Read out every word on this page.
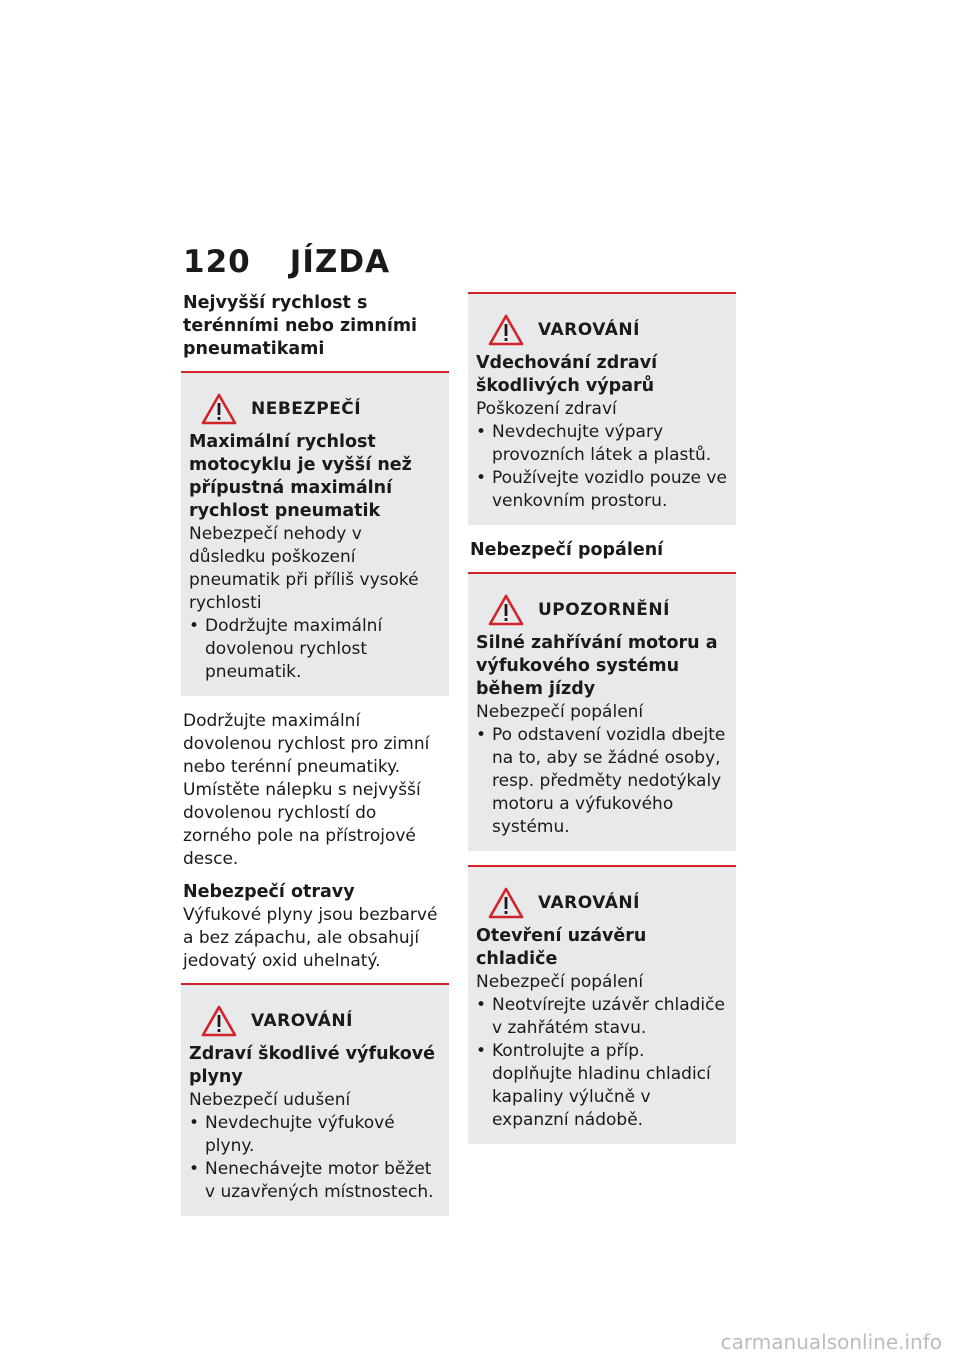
120 JÍZDA
Nejvyšší rychlost s terénními nebo zimními pneumatikami
NEBEZPEČÍ
Maximální rychlost motocyklu je vyšší než přípustná maximální rychlost pneumatik
Nebezpečí nehody v důsledku poškození pneumatik při příliš vysoké rychlosti
• Dodržujte maximální dovolenou rychlost pneumatik.
Dodržujte maximální dovolenou rychlost pro zimní nebo terénní pneumatiky.
Umístěte nálepku s nejvyšší dovolenou rychlostí do zorného pole na přístrojové desce.
Nebezpečí otravy
Výfukové plyny jsou bezbarvé a bez zápachu, ale obsahují jedovatý oxid uhelnatý.
VAROVÁNÍ
Zdraví škodlivé výfukové plyny
Nebezpečí udušení
• Nevdechujte výfukové plyny.
• Nenechávejte motor běžet v uzavřených místnostech.
VAROVÁNÍ
Vdechování zdraví škodlivých výparů
Poškození zdraví
• Nevdechujte výpary provozních látek a plastů.
• Používejte vozidlo pouze ve venkovním prostoru.
Nebezpečí popálení
UPOZORNĚNÍ
Silné zahřívání motoru a výfukového systému během jízdy
Nebezpečí popálení
• Po odstavení vozidla dbejte na to, aby se žádné osoby, resp. předměty nedotýkaly motoru a výfukového systému.
VAROVÁNÍ
Otevření uzávěru chladiče
Nebezpečí popálení
• Neotvírejte uzávěr chladiče v zahřátém stavu.
• Kontrolujte a příp. doplňujte hladinu chladicí kapaliny výlučně v expanzní nádobě.
carmanualsonline.info
